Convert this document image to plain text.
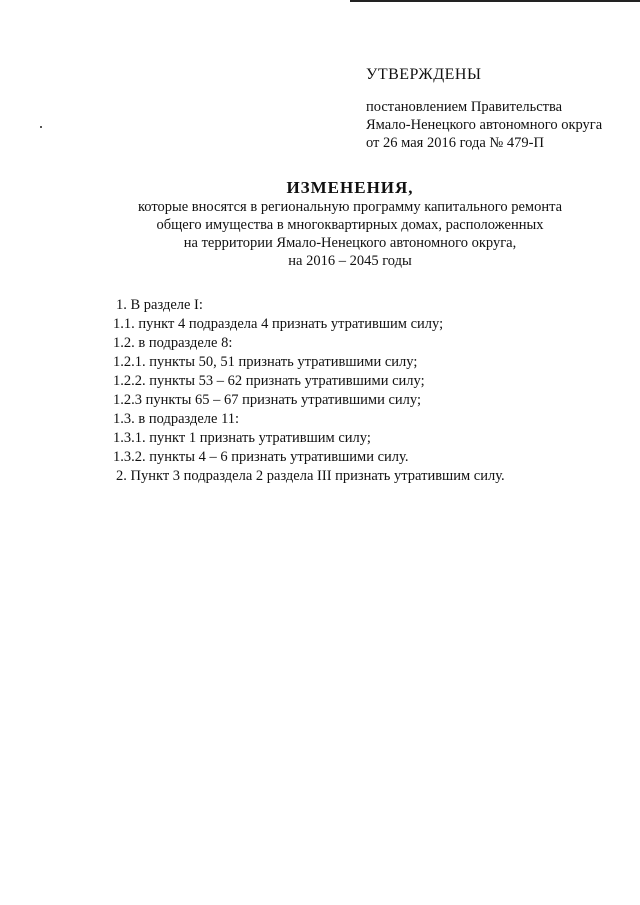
УТВЕРЖДЕНЫ

постановлением Правительства

Ямало-Ненецкого автономного округа

от 26 мая 2016 года № 479-П

ИЗМЕНЕНИЯ,

которые вносятся в региональную программу капитального ремонта

общего имущества в многоквартирных домах, расположенных

на территории Ямало-Ненецкого автономного округа,

на 2016 – 2045 годы

1. В разделе I:

1.1. пункт 4 подраздела 4 признать утратившим силу;

1.2. в подразделе 8:

1.2.1. пункты 50, 51 признать утратившими силу;

1.2.2. пункты 53 – 62 признать утратившими силу;

1.2.3 пункты 65 – 67 признать утратившими силу;

1.3. в подразделе 11:

1.3.1. пункт 1 признать утратившим силу;

1.3.2. пункты 4 – 6 признать утратившими силу.

2. Пункт 3 подраздела 2 раздела III признать утратившим силу.
